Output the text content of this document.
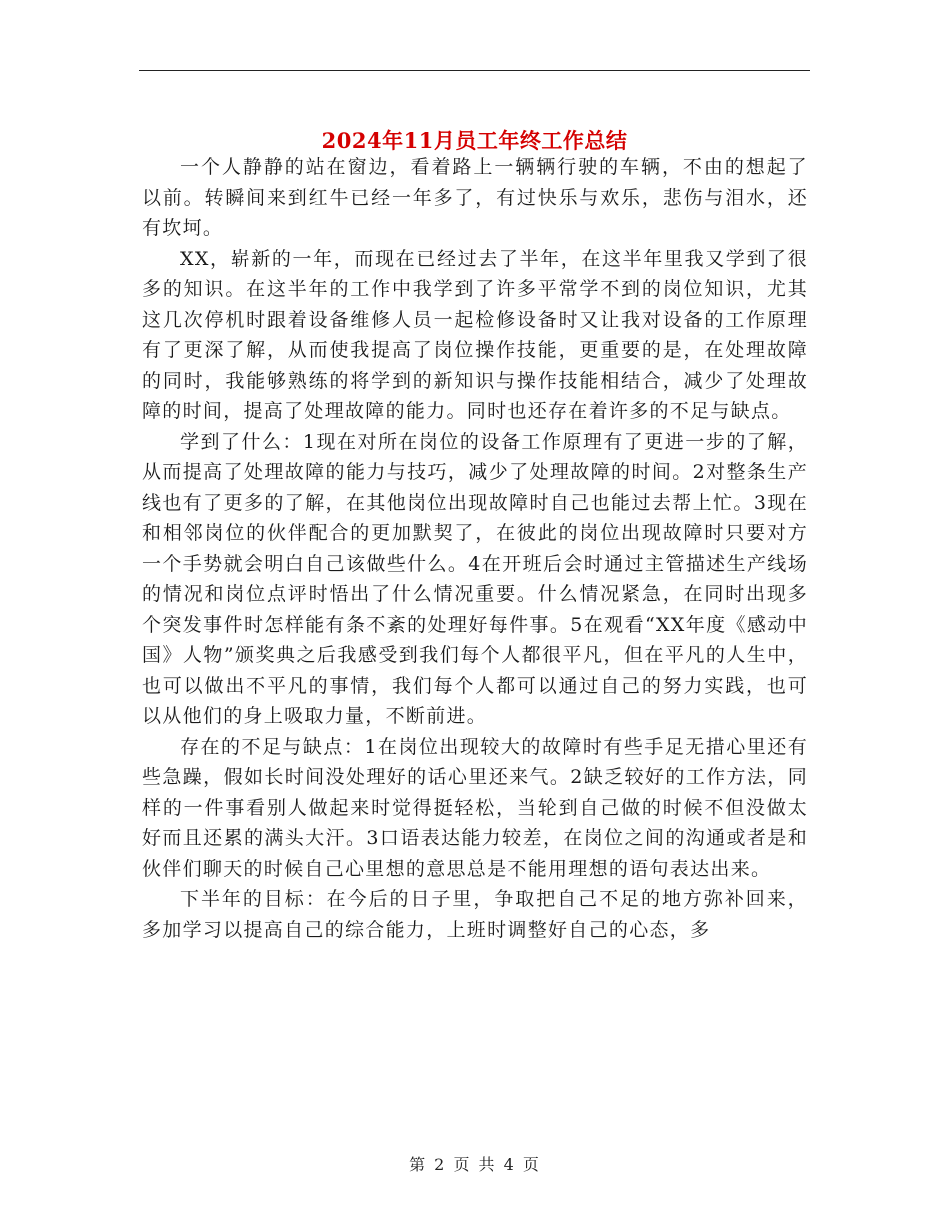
2024年11月员工年终工作总结

一个人静静的站在窗边，看着路上一辆辆行驶的车辆，不由的想起了以前。转瞬间来到红牛已经一年多了，有过快乐与欢乐，悲伤与泪水，还有坎坷。

XX，崭新的一年，而现在已经过去了半年，在这半年里我又学到了很多的知识。在这半年的工作中我学到了许多平常学不到的岗位知识，尤其这几次停机时跟着设备维修人员一起检修设备时又让我对设备的工作原理有了更深了解，从而使我提高了岗位操作技能，更重要的是，在处理故障的同时，我能够熟练的将学到的新知识与操作技能相结合，减少了处理故障的时间，提高了处理故障的能力。同时也还存在着许多的不足与缺点。

学到了什么：1现在对所在岗位的设备工作原理有了更进一步的了解，从而提高了处理故障的能力与技巧，减少了处理故障的时间。2对整条生产线也有了更多的了解，在其他岗位出现故障时自己也能过去帮上忙。3现在和相邻岗位的伙伴配合的更加默契了，在彼此的岗位出现故障时只要对方一个手势就会明白自己该做些什么。4在开班后会时通过主管描述生产线场的情况和岗位点评时悟出了什么情况重要。什么情况紧急，在同时出现多个突发事件时怎样能有条不紊的处理好每件事。5在观看“XX年度《感动中国》人物”颁奖典之后我感受到我们每个人都很平凡，但在平凡的人生中，也可以做出不平凡的事情，我们每个人都可以通过自己的努力实践，也可以从他们的身上吸取力量，不断前进。

存在的不足与缺点：1在岗位出现较大的故障时有些手足无措心里还有些急躁，假如长时间没处理好的话心里还来气。2缺乏较好的工作方法，同样的一件事看别人做起来时觉得挺轻松，当轮到自己做的时候不但没做太好而且还累的满头大汗。3口语表达能力较差，在岗位之间的沟通或者是和伙伴们聊天的时候自己心里想的意思总是不能用理想的语句表达出来。

下半年的目标：在今后的日子里，争取把自己不足的地方弥补回来，多加学习以提高自己的综合能力，上班时调整好自己的心态，多

第 2 页 共 4 页
